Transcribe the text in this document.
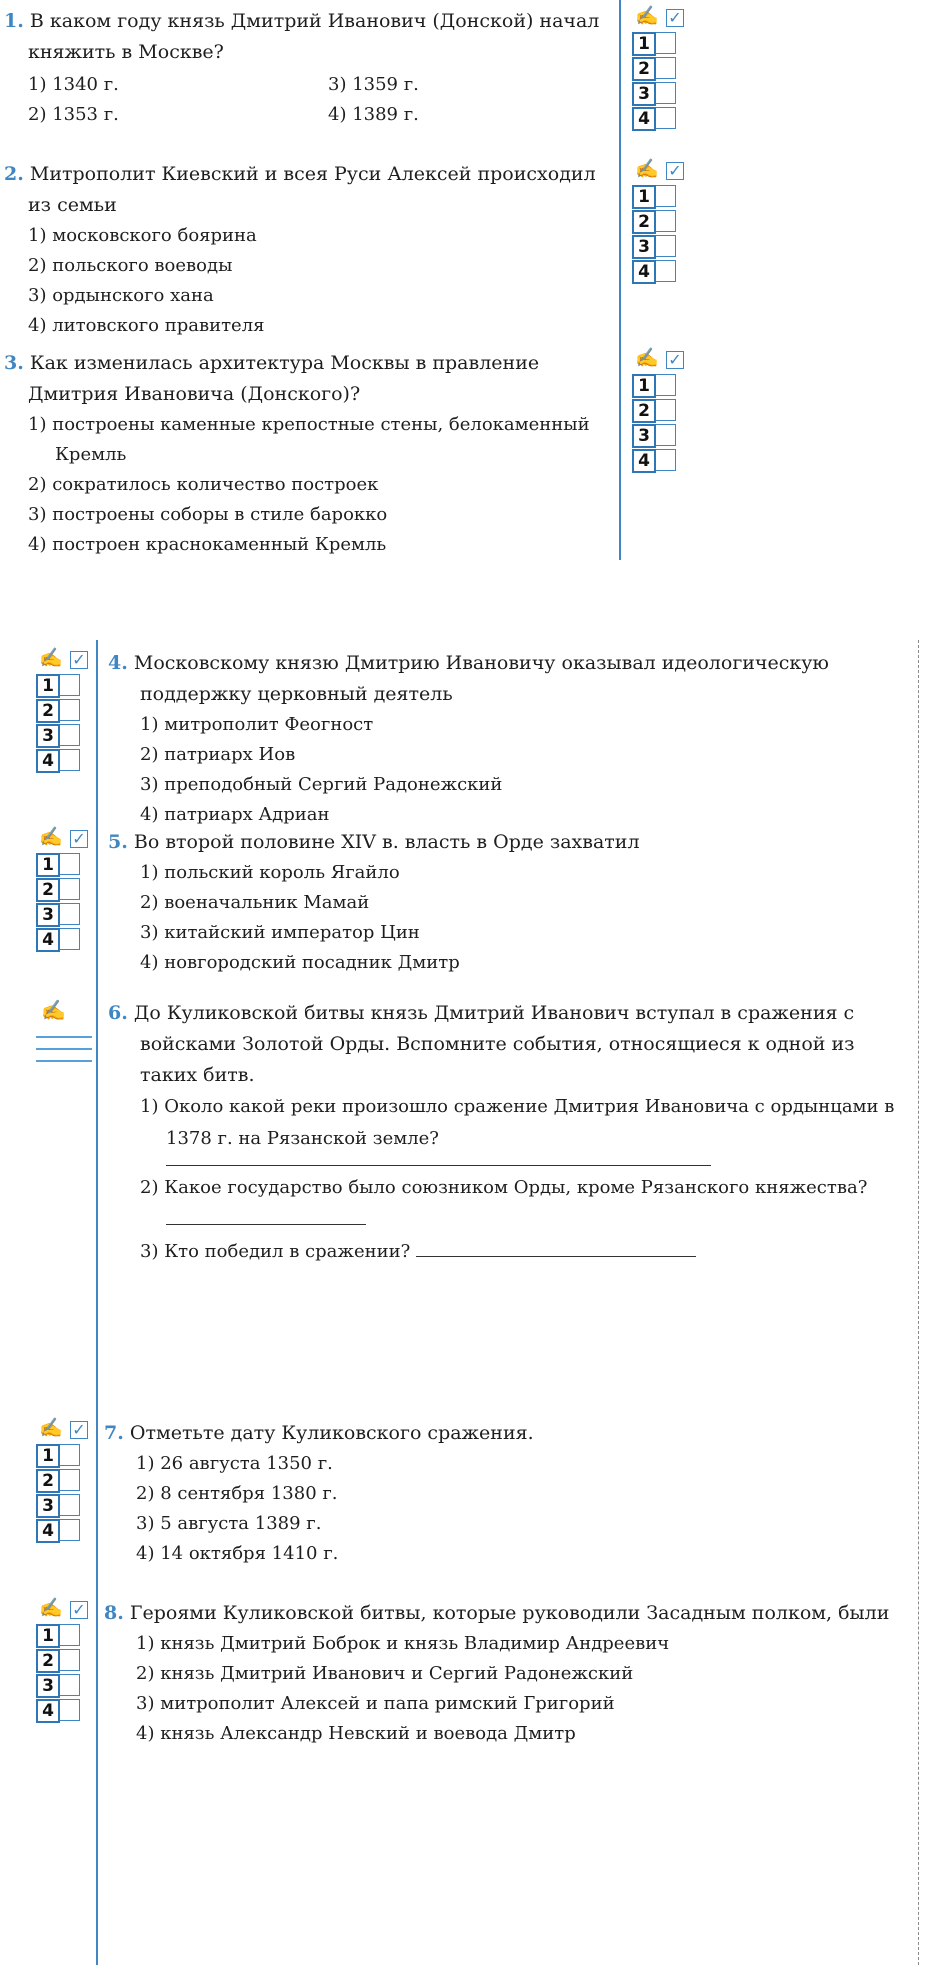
1. В каком году князь Дмитрий Иванович (Донской) начал княжить в Москве?

1) 1340 г.	3) 1359 г.

2) 1353 г.	4) 1389 г.

✍ ✓
1
2
3
4

2. Митрополит Киевский и всея Руси Алексей происходил из семьи

1) московского боярина

2) польского воеводы

3) ордынского хана

4) литовского правителя

✍ ✓
1
2
3
4

3. Как изменилась архитектура Москвы в правление Дмитрия Ивановича (Донского)?

1) построены каменные крепостные стены, белокаменный Кремль

2) сократилось количество построек

3) построены соборы в стиле барокко

4) построен краснокаменный Кремль

✍ ✓
1
2
3
4
✍ ✓
1
2
3
4

4. Московскому князю Дмитрию Ивановичу оказывал идеологическую поддержку церковный деятель

1) митрополит Феогност

2) патриарх Иов

3) преподобный Сергий Радонежский

4) патриарх Адриан

✍ ✓
1
2
3
4

5. Во второй половине XIV в. власть в Орде захватил

1) польский король Ягайло

2) военачальник Мамай

3) китайский император Цин

4) новгородский посадник Дмитр

✍ 6. До Куликовской битвы князь Дмитрий Иванович вступал в сражения с войсками Золотой Орды. Вспомните события, относящиеся к одной из таких битв.

1) Около какой реки произошло сражение Дмитрия Ивановича с ордынцами в 1378 г. на Рязанской земле?

2) Какое государство было союзником Орды, кроме Рязанского княжества?

3) Кто победил в сражении?

✍ ✓
1
2
3
4

7. Отметьте дату Куликовского сражения.

1) 26 августа 1350 г.

2) 8 сентября 1380 г.

3) 5 августа 1389 г.

4) 14 октября 1410 г.

✍ ✓
1
2
3
4

8. Героями Куликовской битвы, которые руководили Засадным полком, были

1) князь Дмитрий Боброк и князь Владимир Андреевич

2) князь Дмитрий Иванович и Сергий Радонежский

3) митрополит Алексей и папа римский Григорий

4) князь Александр Невский и воевода Дмитр
